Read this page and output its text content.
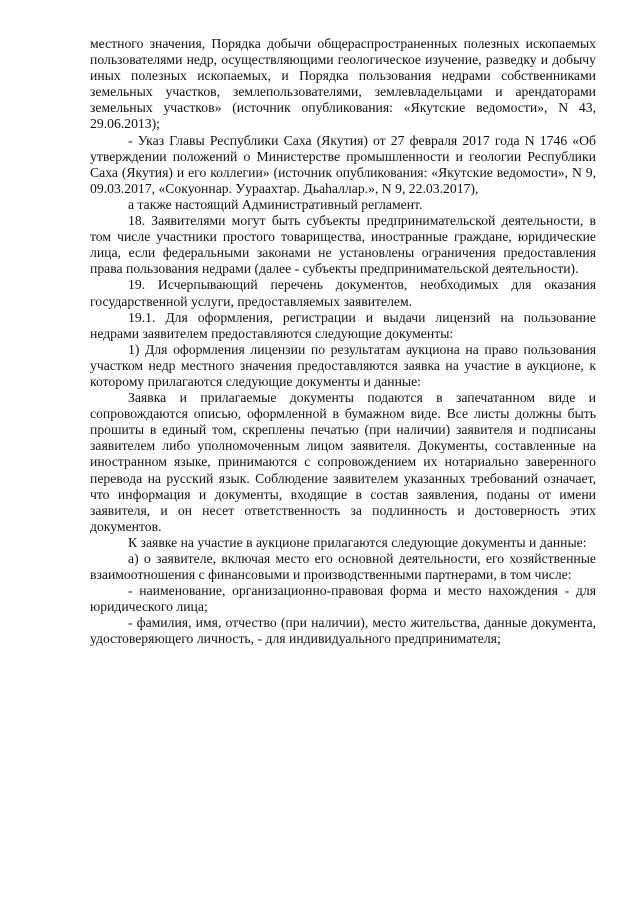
местного значения, Порядка добычи общераспространенных полезных ископаемых пользователями недр, осуществляющими геологическое изучение, разведку и добычу иных полезных ископаемых, и Порядка пользования недрами собственниками земельных участков, землепользователями, землевладельцами и арендаторами земельных участков» (источник опубликования: «Якутские ведомости», N 43, 29.06.2013);

- Указ Главы Республики Саха (Якутия) от 27 февраля 2017 года N 1746 «Об утверждении положений о Министерстве промышленности и геологии Республики Саха (Якутия) и его коллегии» (источник опубликования: «Якутские ведомости», N 9, 09.03.2017, «Сокуоннар. Уураахтар. Дьаһаллар.», N 9, 22.03.2017),

а также настоящий Административный регламент.

18. Заявителями могут быть субъекты предпринимательской деятельности, в том числе участники простого товарищества, иностранные граждане, юридические лица, если федеральными законами не установлены ограничения предоставления права пользования недрами (далее - субъекты предпринимательской деятельности).

19. Исчерпывающий перечень документов, необходимых для оказания государственной услуги, предоставляемых заявителем.

19.1. Для оформления, регистрации и выдачи лицензий на пользование недрами заявителем предоставляются следующие документы:

1) Для оформления лицензии по результатам аукциона на право пользования участком недр местного значения предоставляются заявка на участие в аукционе, к которому прилагаются следующие документы и данные:

Заявка и прилагаемые документы подаются в запечатанном виде и сопровождаются описью, оформленной в бумажном виде. Все листы должны быть прошиты в единый том, скреплены печатью (при наличии) заявителя и подписаны заявителем либо уполномоченным лицом заявителя. Документы, составленные на иностранном языке, принимаются с сопровождением их нотариально заверенного перевода на русский язык. Соблюдение заявителем указанных требований означает, что информация и документы, входящие в состав заявления, поданы от имени заявителя, и он несет ответственность за подлинность и достоверность этих документов.

К заявке на участие в аукционе прилагаются следующие документы и данные:

а) о заявителе, включая место его основной деятельности, его хозяйственные взаимоотношения с финансовыми и производственными партнерами, в том числе:

- наименование, организационно-правовая форма и место нахождения - для юридического лица;

- фамилия, имя, отчество (при наличии), место жительства, данные документа, удостоверяющего личность, - для индивидуального предпринимателя;
